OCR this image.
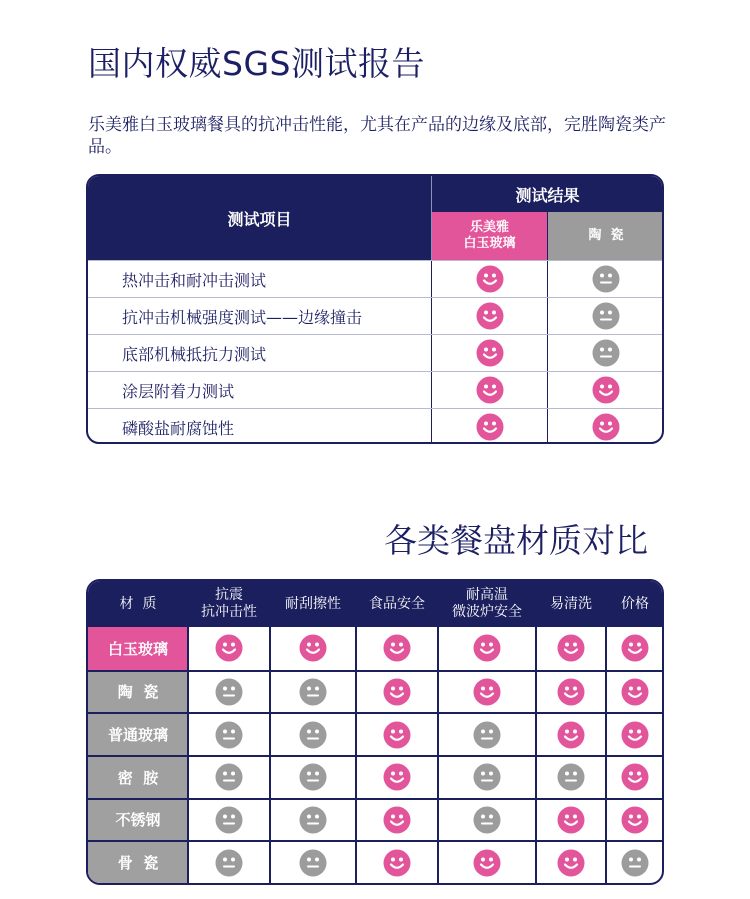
国内权威SGS测试报告
乐美雅白玉玻璃餐具的抗冲击性能，尤其在产品的边缘及底部，完胜陶瓷类产品。
测试项目
测试结果
乐美雅
白玉玻璃
陶  瓷
热冲击和耐冲击测试
抗冲击机械强度测试——边缘撞击
底部机械抵抗力测试
涂层附着力测试
磷酸盐耐腐蚀性
各类餐盘材质对比
材  质
抗震
抗冲击性
耐刮擦性	食品安全
耐高温
微波炉安全
易清洗	价格
白玉玻璃
陶  瓷
普通玻璃
密  胺
不锈钢
骨  瓷
